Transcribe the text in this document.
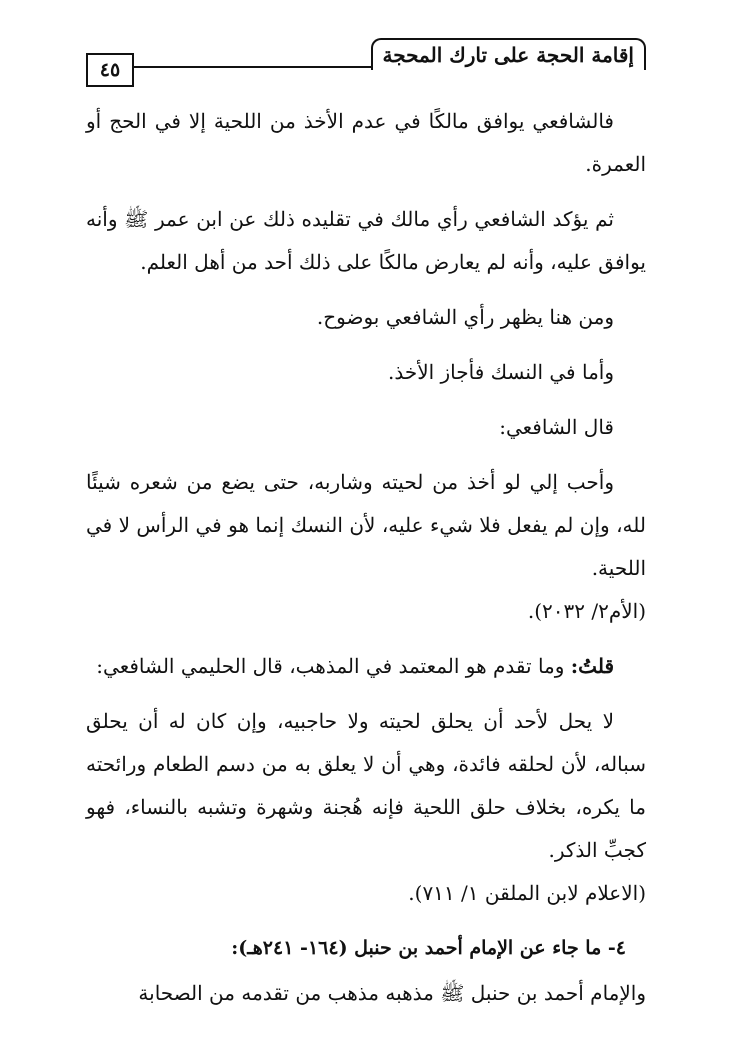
إقامة الحجة على تارك المحجة
٤٥

فالشافعي يوافق مالكًا في عدم الأخذ من اللحية إلا في الحج أو العمرة.

ثم يؤكد الشافعي رأي مالك في تقليده ذلك عن ابن عمر ﷺ وأنه يوافق عليه، وأنه لم يعارض مالكًا على ذلك أحد من أهل العلم.

ومن هنا يظهر رأي الشافعي بوضوح.

وأما في النسك فأجاز الأخذ.

قال الشافعي:

وأحب إلي لو أخذ من لحيته وشاربه، حتى يضع من شعره شيئًا لله، وإن لم يفعل فلا شيء عليه، لأن النسك إنما هو في الرأس لا في اللحية.

(الأم٢/ ٢٠٣٢).

قلتُ: وما تقدم هو المعتمد في المذهب، قال الحليمي الشافعي:

لا يحل لأحد أن يحلق لحيته ولا حاجبيه، وإن كان له أن يحلق سباله، لأن لحلقه فائدة، وهي أن لا يعلق به من دسم الطعام ورائحته ما يكره، بخلاف حلق اللحية فإنه هُجنة وشهرة وتشبه بالنساء، فهو كجبِّ الذكر.

(الاعلام لابن الملقن ١/ ٧١١).

٤- ما جاء عن الإمام أحمد بن حنبل (١٦٤- ٢٤١هـ):

والإمام أحمد بن حنبل ﷺ مذهبه مذهب من تقدمه من الصحابة
